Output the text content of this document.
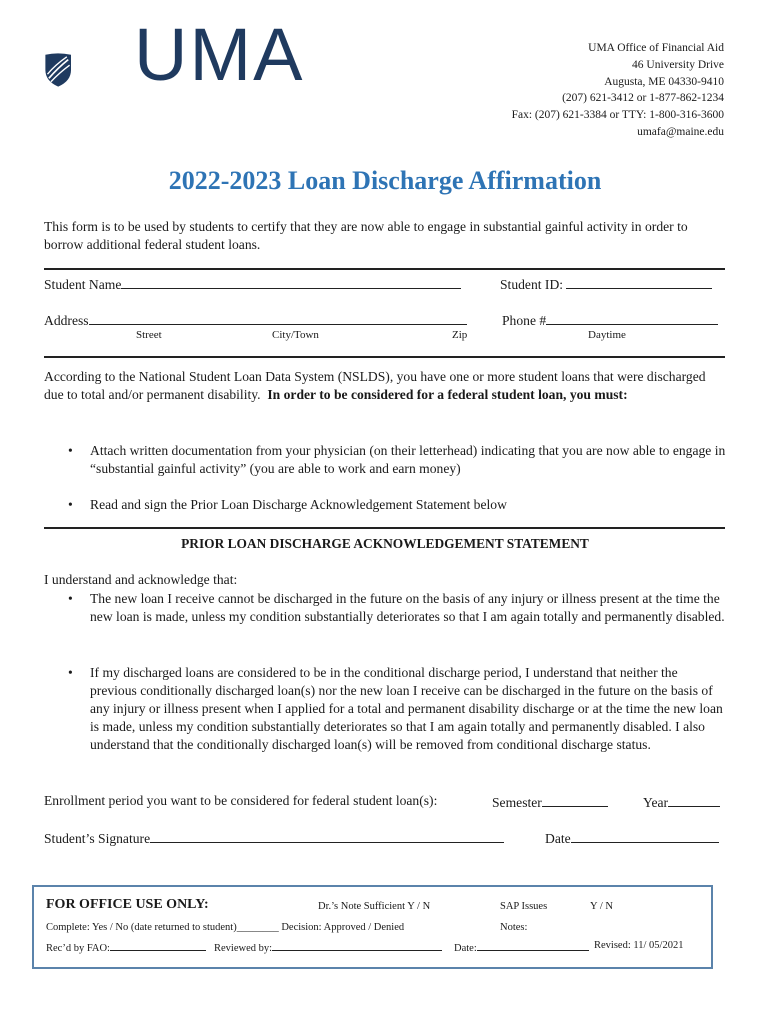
UMA	UMA Office of Financial Aid
46 University Drive
Augusta, ME 04330-9410
(207) 621-3412 or 1-877-862-1234
Fax: (207) 621-3384 or TTY: 1-800-316-3600
umafa@maine.edu
2022-2023 Loan Discharge Affirmation
This form is to be used by students to certify that they are now able to engage in substantial gainful activity in order to borrow additional federal student loans.
Student Name	Student ID:
Address	Phone #
Street	City/Town	Zip	Daytime
According to the National Student Loan Data System (NSLDS), you have one or more student loans that were discharged due to total and/or permanent disability. In order to be considered for a federal student loan, you must:
• Attach written documentation from your physician (on their letterhead) indicating that you are now able to engage in “substantial gainful activity” (you are able to work and earn money)
• Read and sign the Prior Loan Discharge Acknowledgement Statement below
PRIOR LOAN DISCHARGE ACKNOWLEDGEMENT STATEMENT
I understand and acknowledge that:
• The new loan I receive cannot be discharged in the future on the basis of any injury or illness present at the time the new loan is made, unless my condition substantially deteriorates so that I am again totally and permanently disabled.
• If my discharged loans are considered to be in the conditional discharge period, I understand that neither the previous conditionally discharged loan(s) nor the new loan I receive can be discharged in the future on the basis of any injury or illness present when I applied for a total and permanent disability discharge or at the time the new loan is made, unless my condition substantially deteriorates so that I am again totally and permanently disabled. I also understand that the conditionally discharged loan(s) will be removed from conditional discharge status.
Enrollment period you want to be considered for federal student loan(s):	Semester	Year
Student’s Signature	Date
FOR OFFICE USE ONLY:	Dr.’s Note Sufficient Y / N	SAP Issues	Y / N
Complete: Yes / No (date returned to student)________ Decision: Approved / Denied	Notes:
Rec’d by FAO:	Reviewed by:	Date:	Revised: 11/ 05/2021
